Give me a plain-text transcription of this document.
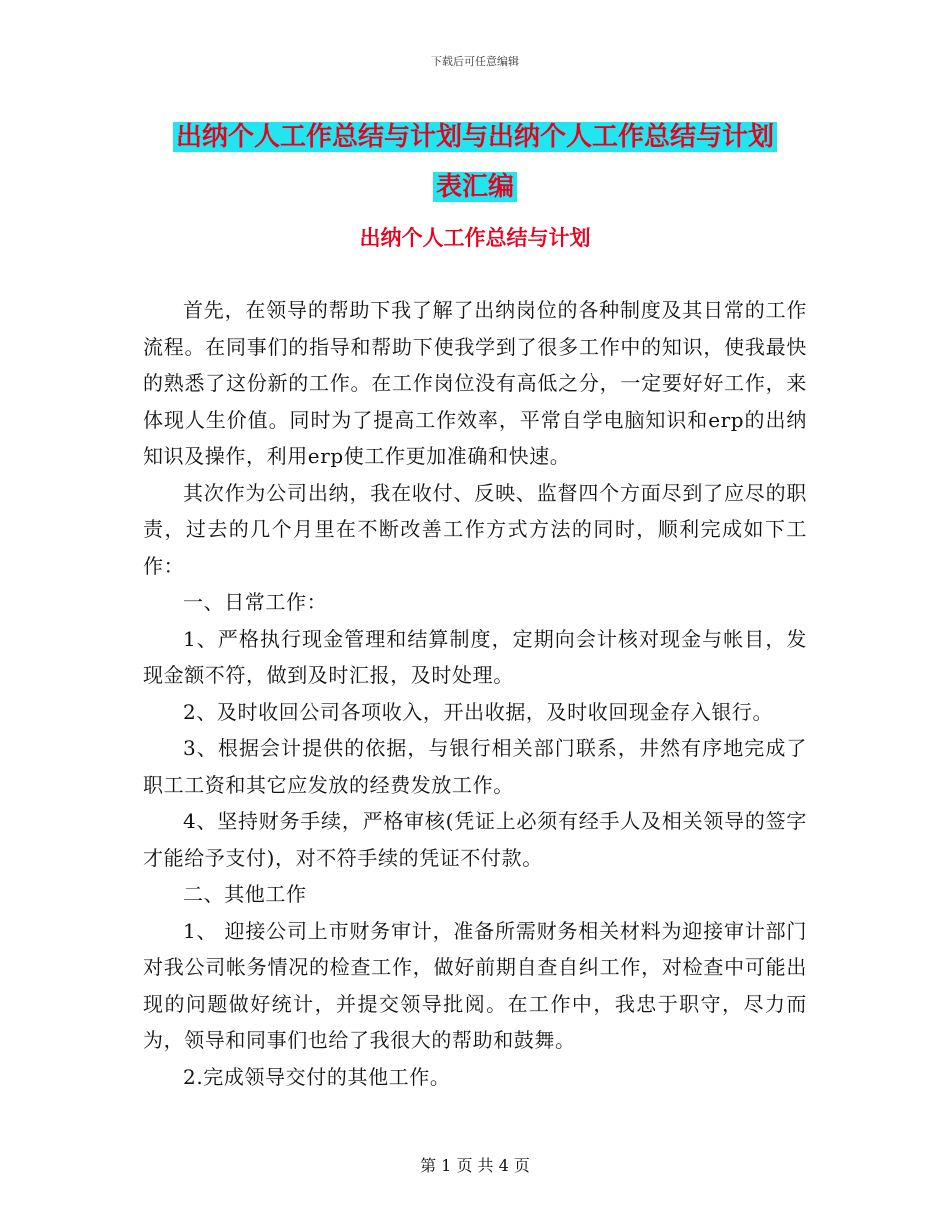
下载后可任意编辑
出纳个人工作总结与计划与出纳个人工作总结与计划
表汇编
出纳个人工作总结与计划

首先，在领导的帮助下我了解了出纳岗位的各种制度及其日常的工作流程。在同事们的指导和帮助下使我学到了很多工作中的知识，使我最快的熟悉了这份新的工作。在工作岗位没有高低之分，一定要好好工作，来体现人生价值。同时为了提高工作效率，平常自学电脑知识和erp的出纳知识及操作，利用erp使工作更加准确和快速。

其次作为公司出纳，我在收付、反映、监督四个方面尽到了应尽的职责，过去的几个月里在不断改善工作方式方法的同时，顺利完成如下工作：

一、日常工作：

1、严格执行现金管理和结算制度，定期向会计核对现金与帐目，发现金额不符，做到及时汇报，及时处理。

2、及时收回公司各项收入，开出收据，及时收回现金存入银行。

3、根据会计提供的依据，与银行相关部门联系，井然有序地完成了职工工资和其它应发放的经费发放工作。

4、坚持财务手续，严格审核(凭证上必须有经手人及相关领导的签字才能给予支付)，对不符手续的凭证不付款。

二、其他工作

1、 迎接公司上市财务审计，准备所需财务相关材料为迎接审计部门对我公司帐务情况的检查工作，做好前期自查自纠工作，对检查中可能出现的问题做好统计，并提交领导批阅。在工作中，我忠于职守，尽力而为，领导和同事们也给了我很大的帮助和鼓舞。

2.完成领导交付的其他工作。

第 1 页 共 4 页
